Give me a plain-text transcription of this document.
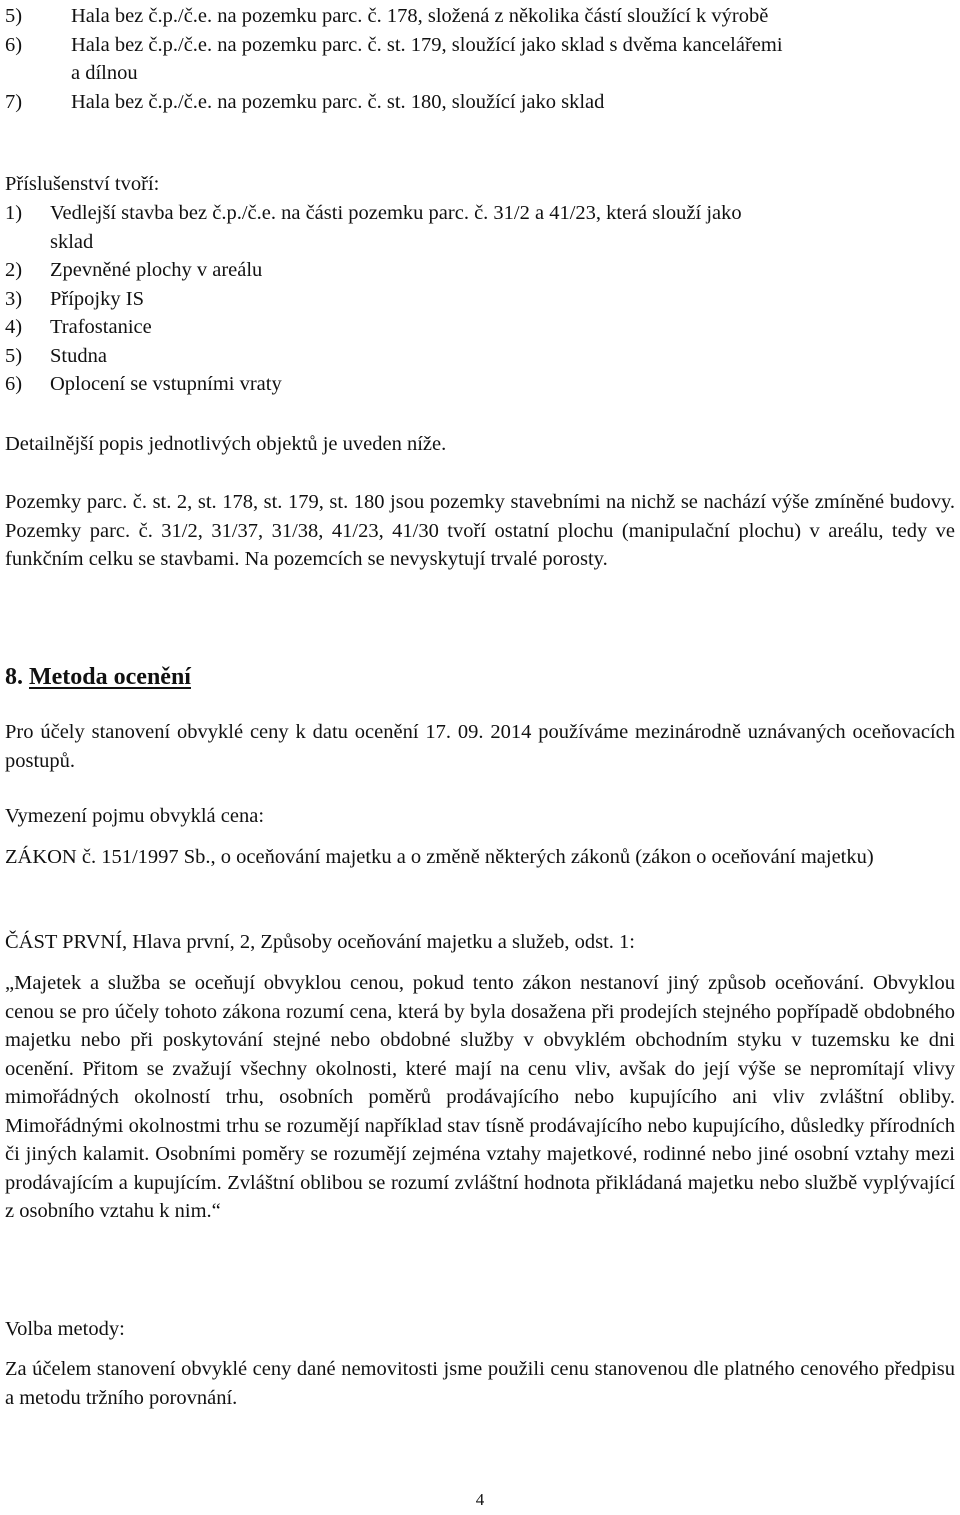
5) Hala bez č.p./č.e. na pozemku parc. č. 178, složená z několika částí sloužící k výrobě
6) Hala bez č.p./č.e. na pozemku parc. č. st. 179, sloužící jako sklad s dvěma kancelářemi
a dílnou
7) Hala bez č.p./č.e. na pozemku parc. č. st. 180, sloužící jako sklad
Příslušenství tvoří:
1) Vedlejší stavba bez č.p./č.e. na části pozemku parc. č. 31/2 a 41/23, která slouží jako
sklad
2) Zpevněné plochy v areálu
3) Přípojky IS
4) Trafostanice
5) Studna
6) Oplocení se vstupními vraty
Detailnější popis jednotlivých objektů je uveden níže.
Pozemky parc. č. st. 2, st. 178, st. 179, st. 180 jsou pozemky stavebními na nichž se nachází výše zmíněné budovy. Pozemky parc. č. 31/2, 31/37, 31/38, 41/23, 41/30 tvoří ostatní plochu (manipulační plochu) v areálu, tedy ve funkčním celku se stavbami. Na pozemcích se nevyskytují trvalé porosty.
8. Metoda ocenění
Pro účely stanovení obvyklé ceny k datu ocenění 17. 09. 2014 používáme mezinárodně uznávaných oceňovacích postupů.
Vymezení pojmu obvyklá cena:
ZÁKON č. 151/1997 Sb., o oceňování majetku a o změně některých zákonů (zákon o oceňování majetku)
ČÁST PRVNÍ, Hlava první, 2, Způsoby oceňování majetku a služeb, odst. 1:
„Majetek a služba se oceňují obvyklou cenou, pokud tento zákon nestanoví jiný způsob oceňování. Obvyklou cenou se pro účely tohoto zákona rozumí cena, která by byla dosažena při prodejích stejného popřípadě obdobného majetku nebo při poskytování stejné nebo obdobné služby v obvyklém obchodním styku v tuzemsku ke dni ocenění. Přitom se zvažují všechny okolnosti, které mají na cenu vliv, avšak do její výše se nepromítají vlivy mimořádných okolností trhu, osobních poměrů prodávajícího nebo kupujícího ani vliv zvláštní obliby. Mimořádnými okolnostmi trhu se rozumějí například stav tísně prodávajícího nebo kupujícího, důsledky přírodních či jiných kalamit. Osobními poměry se rozumějí zejména vztahy majetkové, rodinné nebo jiné osobní vztahy mezi prodávajícím a kupujícím. Zvláštní oblibou se rozumí zvláštní hodnota přikládaná majetku nebo službě vyplývající z osobního vztahu k nim.“
Volba metody:
Za účelem stanovení obvyklé ceny dané nemovitosti jsme použili cenu stanovenou dle platného cenového předpisu a metodu tržního porovnání.
4
